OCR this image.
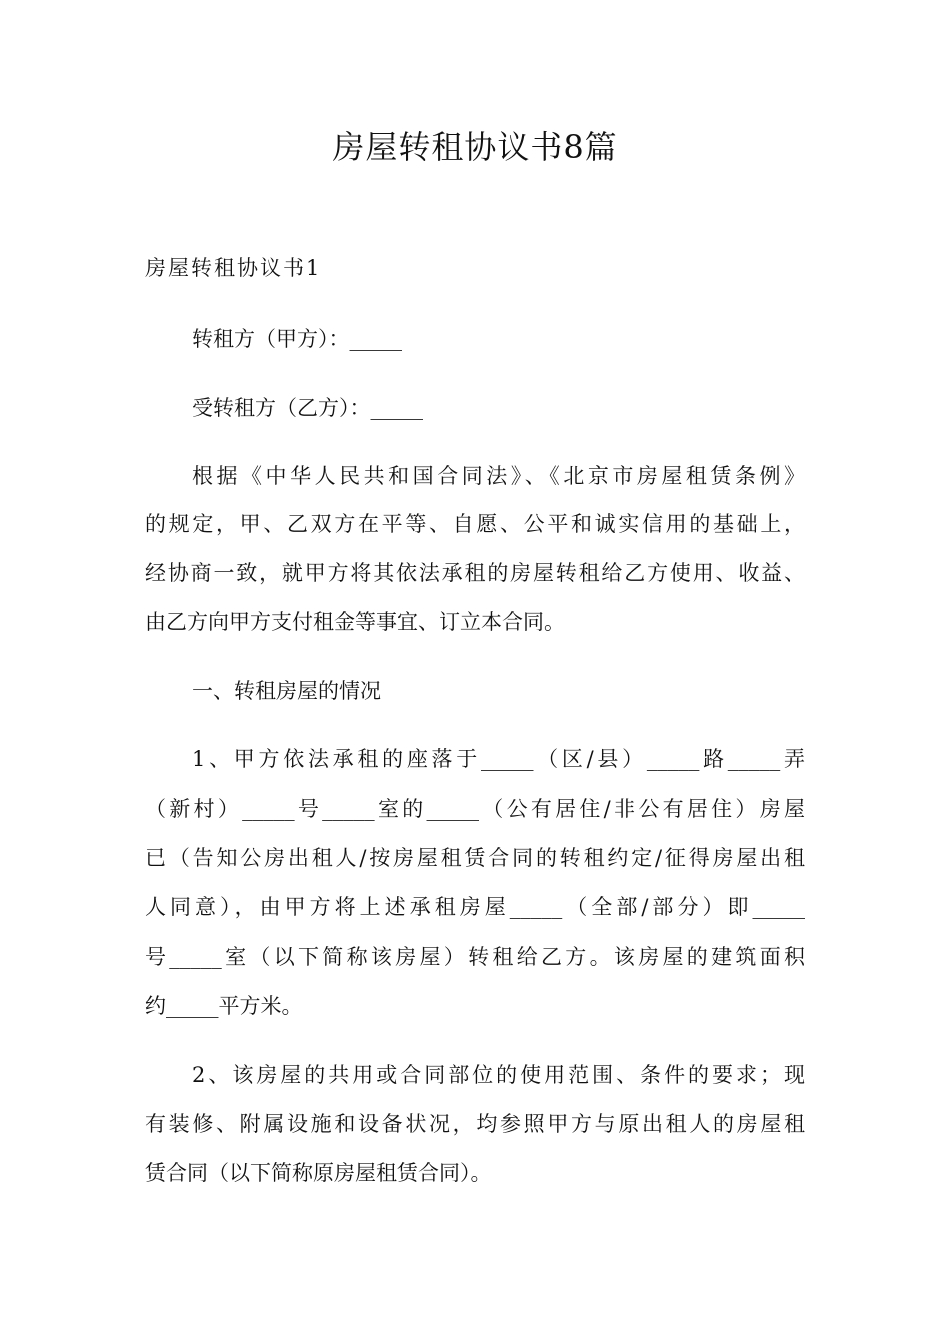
房屋转租协议书8篇
房屋转租协议书1
转租方（甲方）：_____
受转租方（乙方）：_____
根据《中华人民共和国合同法》、《北京市房屋租赁条例》
的规定，甲、乙双方在平等、自愿、公平和诚实信用的基础上，
经协商一致，就甲方将其依法承租的房屋转租给乙方使用、收益、
由乙方向甲方支付租金等事宜、订立本合同。
一、转租房屋的情况
1、甲方依法承租的座落于_____（区/县）_____路_____弄
（新村）_____号_____室的_____（公有居住/非公有居住）房屋
已（告知公房出租人/按房屋租赁合同的转租约定/征得房屋出租
人同意），由甲方将上述承租房屋_____（全部/部分）即_____
号_____室（以下简称该房屋）转租给乙方。该房屋的建筑面积
约_____平方米。
2、该房屋的共用或合同部位的使用范围、条件的要求；现
有装修、附属设施和设备状况，均参照甲方与原出租人的房屋租
赁合同（以下简称原房屋租赁合同）。
